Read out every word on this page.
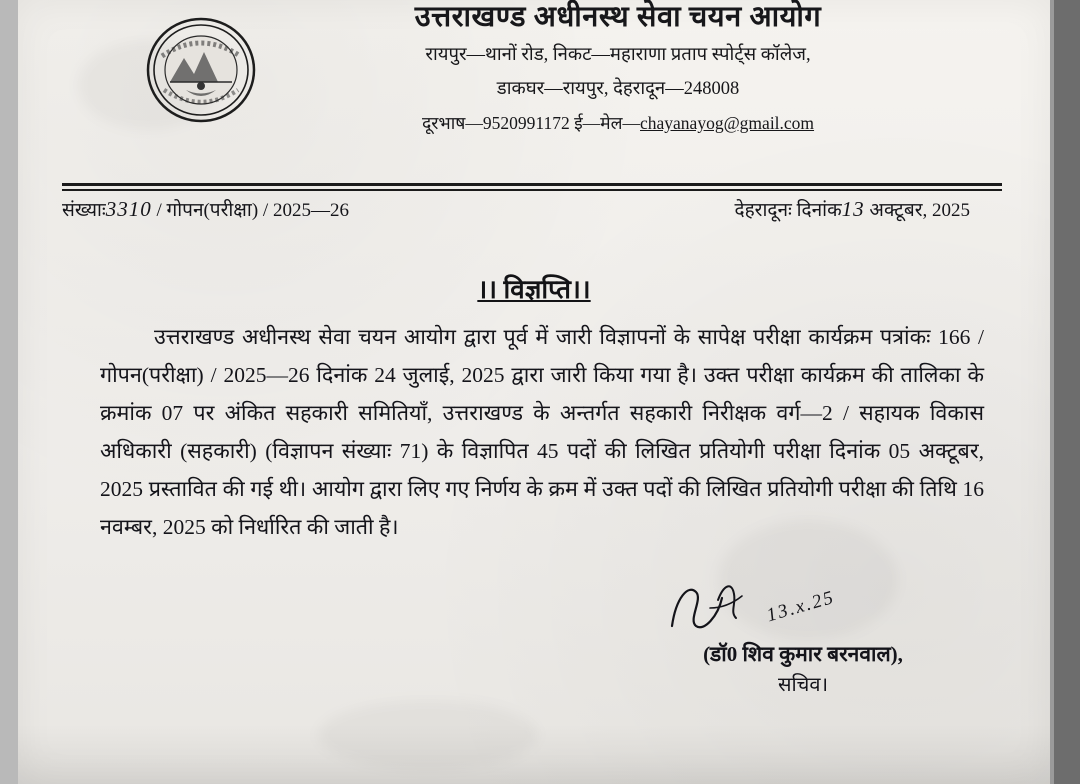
उत्तराखण्ड अधीनस्थ सेवा चयन आयोग
रायपुर—थानों रोड, निकट—महाराणा प्रताप स्पोर्ट्स कॉलेज,
डाकघर—रायपुर, देहरादून—248008
दूरभाष—9520991172 ई—मेल—chayanayog@gmail.com
संख्याः3310 / गोपन(परीक्षा) / 2025—26	देहरादूनः दिनांक13 अक्टूबर, 2025
।। विज्ञप्ति।।

उत्तराखण्ड अधीनस्थ सेवा चयन आयोग द्वारा पूर्व में जारी विज्ञापनों के सापेक्ष परीक्षा कार्यक्रम पत्रांकः 166 / गोपन(परीक्षा) / 2025—26 दिनांक 24 जुलाई, 2025 द्वारा जारी किया गया है। उक्त परीक्षा कार्यक्रम की तालिका के क्रमांक 07 पर अंकित सहकारी समितियाँ, उत्तराखण्ड के अन्तर्गत सहकारी निरीक्षक वर्ग—2 / सहायक विकास अधिकारी (सहकारी) (विज्ञापन संख्याः 71) के विज्ञापित 45 पदों की लिखित प्रतियोगी परीक्षा दिनांक 05 अक्टूबर, 2025 प्रस्तावित की गई थी। आयोग द्वारा लिए गए निर्णय के क्रम में उक्त पदों की लिखित प्रतियोगी परीक्षा की तिथि 16 नवम्बर, 2025 को निर्धारित की जाती है।

13.x.25
(डॉ0 शिव कुमार बरनवाल),
सचिव।
